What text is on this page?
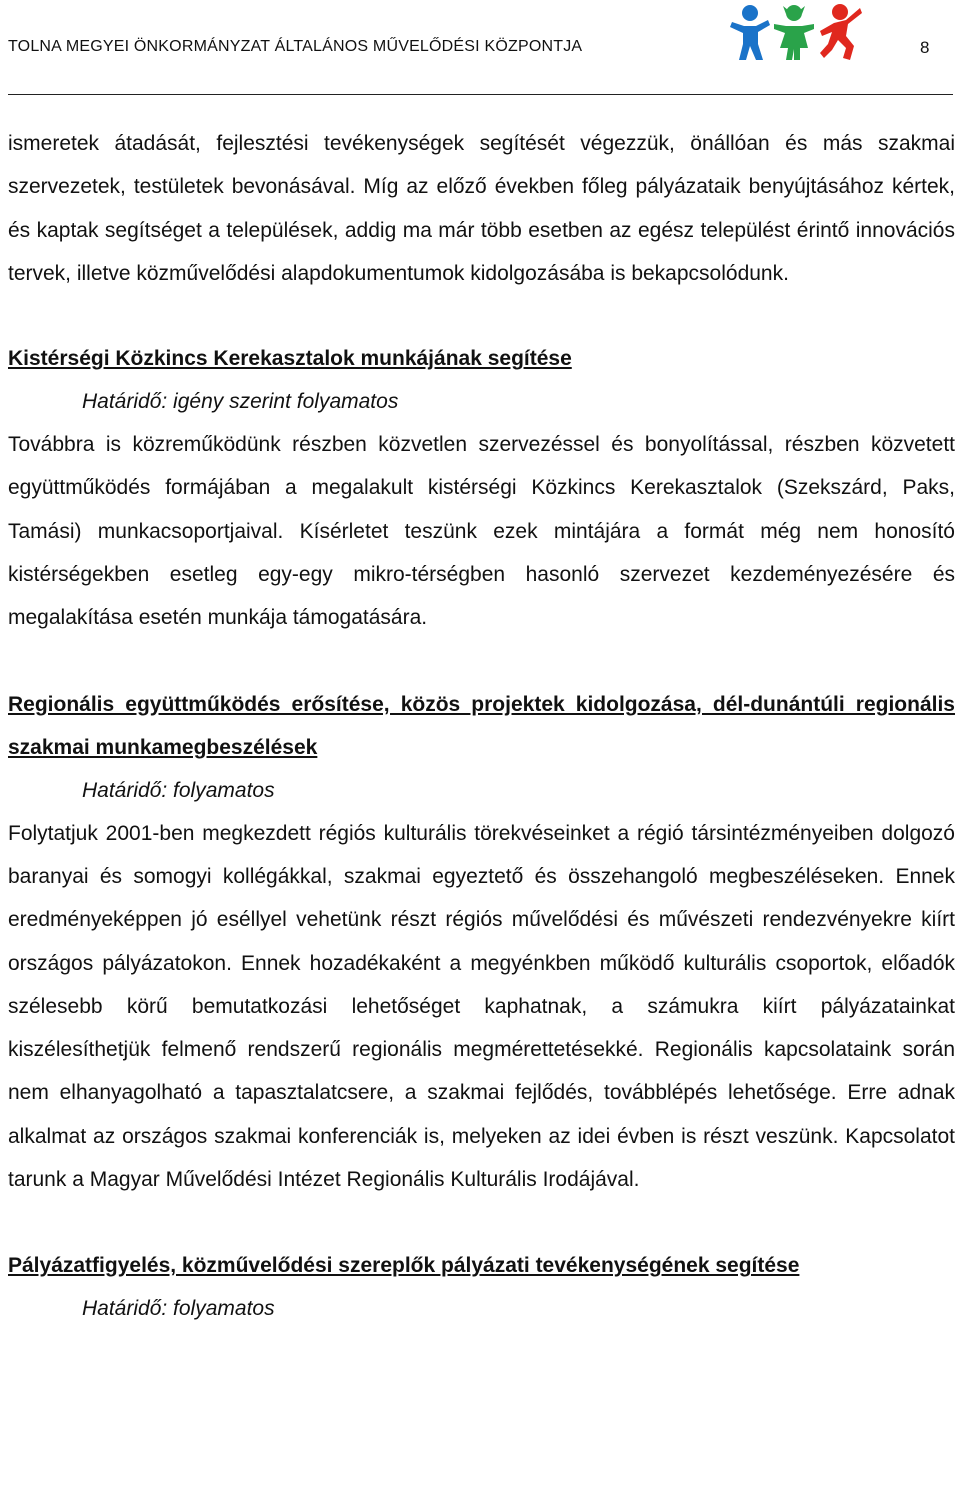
TOLNA MEGYEI ÖNKORMÁNYZAT ÁLTALÁNOS MŰVELŐDÉSI KÖZPONTJA	8

ismeretek átadását, fejlesztési tevékenységek segítését végezzük, önállóan és más szakmai szervezetek, testületek bevonásával. Míg az előző években főleg pályázataik benyújtásához kértek, és kaptak segítséget a települések, addig ma már több esetben az egész települést érintő innovációs tervek, illetve közművelődési alapdokumentumok kidolgozásába is bekapcsolódunk.

Kistérségi Közkincs Kerekasztalok munkájának segítése

Határidő: igény szerint folyamatos

Továbbra is közreműködünk részben közvetlen szervezéssel és bonyolítással, részben közvetett együttműködés formájában a megalakult kistérségi Közkincs Kerekasztalok (Szekszárd, Paks, Tamási) munkacsoportjaival. Kísérletet teszünk ezek mintájára a formát még nem honosító kistérségekben esetleg egy-egy mikro-térségben hasonló szervezet kezdeményezésére és megalakítása esetén munkája támogatására.

Regionális együttműködés erősítése, közös projektek kidolgozása, dél-dunántúli regionális szakmai munkamegbeszélések

Határidő: folyamatos

Folytatjuk 2001-ben megkezdett régiós kulturális törekvéseinket a régió társintézményeiben dolgozó baranyai és somogyi kollégákkal, szakmai egyeztető és összehangoló megbeszéléseken. Ennek eredményeképpen jó eséllyel vehetünk részt régiós művelődési és művészeti rendezvényekre kiírt országos pályázatokon. Ennek hozadékaként a megyénkben működő kulturális csoportok, előadók szélesebb körű bemutatkozási lehetőséget kaphatnak, a számukra kiírt pályázatainkat kiszélesíthetjük felmenő rendszerű regionális megmérettetésekké. Regionális kapcsolataink során nem elhanyagolható a tapasztalatcsere, a szakmai fejlődés, továbblépés lehetősége. Erre adnak alkalmat az országos szakmai konferenciák is, melyeken az idei évben is részt veszünk. Kapcsolatot tarunk a Magyar Művelődési Intézet Regionális Kulturális Irodájával.

Pályázatfigyelés, közművelődési szereplők pályázati tevékenységének segítése

Határidő: folyamatos
